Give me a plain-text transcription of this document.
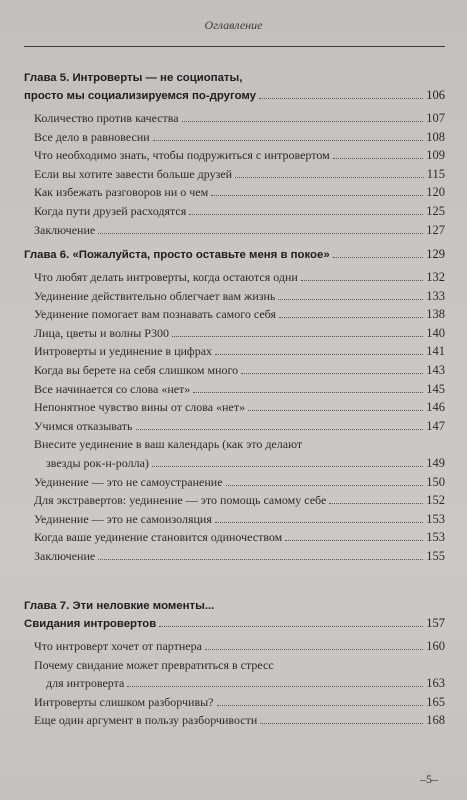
Оглавление
Глава 5. Интроверты — не социопаты,
просто мы социализируемся по-другому	106
Количество против качества	107
Все дело в равновесии	108
Что необходимо знать, чтобы подружиться с интровертом	109
Если вы хотите завести больше друзей	115
Как избежать разговоров ни о чем	120
Когда пути друзей расходятся	125
Заключение	127
Глава 6. «Пожалуйста, просто оставьте меня в покое»	129
Что любят делать интроверты, когда остаются одни	132
Уединение действительно облегчает вам жизнь	133
Уединение помогает вам познавать самого себя	138
Лица, цветы и волны Р300	140
Интроверты и уединение в цифрах	141
Когда вы берете на себя слишком много	143
Все начинается со слова «нет»	145
Непонятное чувство вины от слова «нет»	146
Учимся отказывать	147
Внесите уединение в ваш календарь (как это делают
звезды рок-н-ролла)	149
Уединение — это не самоустранение	150
Для экстравертов: уединение — это помощь самому себе	152
Уединение — это не самоизоляция	153
Когда ваше уединение становится одиночеством	153
Заключение	155
Глава 7. Эти неловкие моменты...
Свидания интровертов	157
Что интроверт хочет от партнера	160
Почему свидание может превратиться в стресс
для интроверта	163
Интроверты слишком разборчивы?	165
Еще один аргумент в пользу разборчивости	168
–5–
